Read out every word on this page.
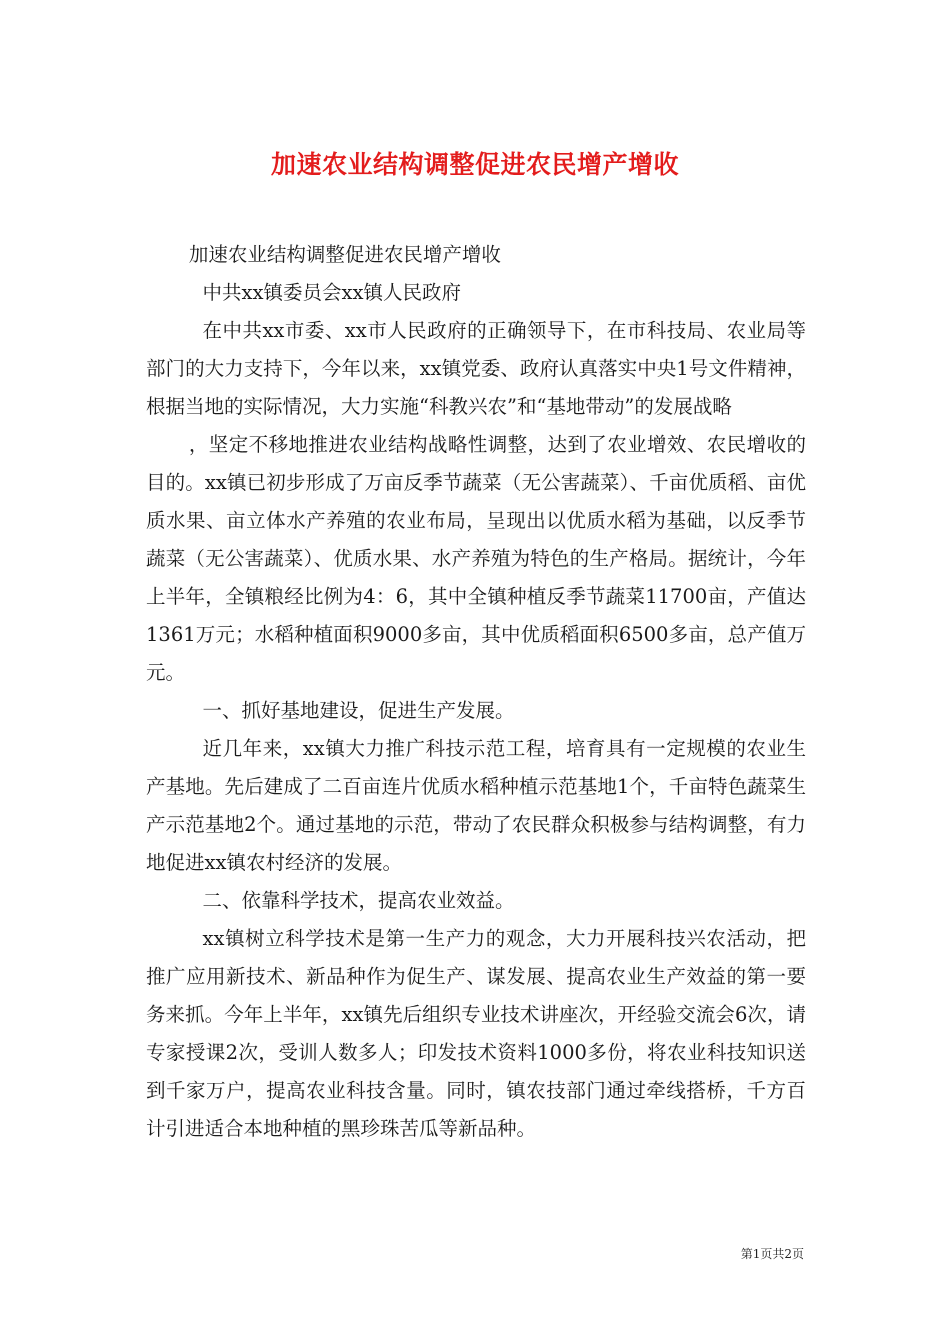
加速农业结构调整促进农民增产增收

加速农业结构调整促进农民增产增收

中共xx镇委员会xx镇人民政府

在中共xx市委、xx市人民政府的正确领导下，在市科技局、农业局等部门的大力支持下，今年以来，xx镇党委、政府认真落实中央1号文件精神，根据当地的实际情况，大力实施“科教兴农”和“基地带动”的发展战略

，坚定不移地推进农业结构战略性调整，达到了农业增效、农民增收的目的。xx镇已初步形成了万亩反季节蔬菜（无公害蔬菜）、千亩优质稻、亩优质水果、亩立体水产养殖的农业布局，呈现出以优质水稻为基础，以反季节蔬菜（无公害蔬菜）、优质水果、水产养殖为特色的生产格局。据统计，今年上半年，全镇粮经比例为4：6，其中全镇种植反季节蔬菜11700亩，产值达1361万元；水稻种植面积9000多亩，其中优质稻面积6500多亩，总产值万元。

一、抓好基地建设，促进生产发展。

近几年来，xx镇大力推广科技示范工程，培育具有一定规模的农业生产基地。先后建成了二百亩连片优质水稻种植示范基地1个，千亩特色蔬菜生产示范基地2个。通过基地的示范，带动了农民群众积极参与结构调整，有力地促进xx镇农村经济的发展。

二、依靠科学技术，提高农业效益。

xx镇树立科学技术是第一生产力的观念，大力开展科技兴农活动，把推广应用新技术、新品种作为促生产、谋发展、提高农业生产效益的第一要务来抓。今年上半年，xx镇先后组织专业技术讲座次，开经验交流会6次，请专家授课2次，受训人数多人；印发技术资料1000多份，将农业科技知识送到千家万户，提高农业科技含量。同时，镇农技部门通过牵线搭桥，千方百计引进适合本地种植的黑珍珠苦瓜等新品种。

第1页共2页
